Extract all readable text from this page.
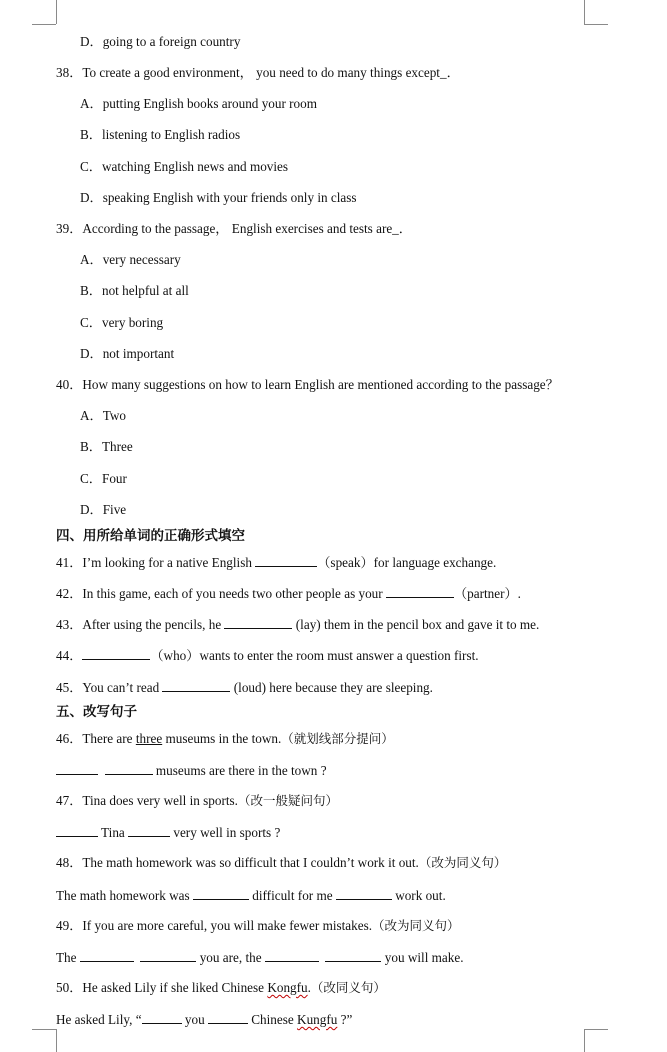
D．going to a foreign country
38．To create a good environment， you need to do many things except_．
A．putting English books around your room
B．listening to English radios
C．watching English news and movies
D．speaking English with your friends only in class
39．According to the passage， English exercises and tests are_．
A．very necessary
B．not helpful at all
C．very boring
D．not important
40．How many suggestions on how to learn English are mentioned according to the passage？
A．Two
B．Three
C．Four
D．Five
四、用所给单词的正确形式填空
41．I’m looking for a native English	（speak）for language exchange.
42．In this game, each of you needs two other people as your	（partner）.
43．After using the pencils, he	(lay) them in the pencil box and gave it to me.
44．	（who）wants to enter the room must answer a question first.
45．You can’t read	(loud) here because they are sleeping.
五、改写句子
46．There are three museums in the town.（就划线部分提问）
museums are there in the town ?
47．Tina does very well in sports.（改一般疑问句）
Tina	very well in sports ?
48．The math homework was so difficult that I couldn’t work it out.（改为同义句）
The math homework was	difficult for me	work out.
49．If you are more careful, you will make fewer mistakes.（改为同义句）
The	you are, the	you will make.
50．He asked Lily if she liked Chinese Kongfu.（改同义句）
He asked Lily, “	you	Chinese Kungfu ?”
